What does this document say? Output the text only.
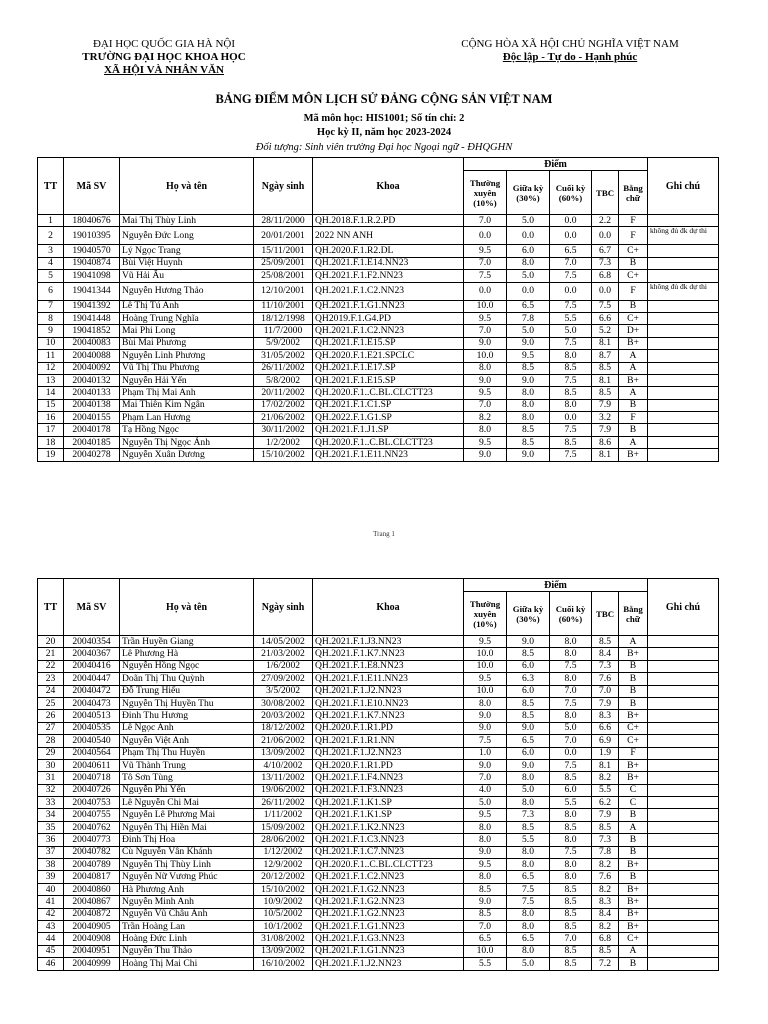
ĐẠI HỌC QUỐC GIA HÀ NỘI
TRƯỜNG ĐẠI HỌC KHOA HỌC
XÃ HỘI VÀ NHÂN VĂN
CỘNG HÒA XÃ HỘI CHỦ NGHĨA VIỆT NAM
Độc lập - Tự do - Hạnh phúc
BẢNG ĐIỂM MÔN LỊCH SỬ ĐẢNG CỘNG SẢN VIỆT NAM
Mã môn học: HIS1001; Số tín chỉ: 2
Học kỳ II, năm học 2023-2024
Đối tượng: Sinh viên trường Đại học Ngoại ngữ - ĐHQGHN
TT	Mã SV	Họ và tên	Ngày sinh	Khoa	Điểm					Ghi chú
					Thường xuyên (10%)	Giữa kỳ (30%)	Cuối kỳ (60%)	TBC	Bằng chữ	
1	18040676	Mai Thị Thùy Linh	28/11/2000	QH.2018.F.1.R.2.PD	7.0	5.0	0.0	2.2	F	
2	19010395	Nguyễn Đức Long	20/01/2001	2022 NN ANH	0.0	0.0	0.0	0.0	F	không đủ đk dự thi
3	19040570	Lý Ngọc Trang	15/11/2001	QH.2020.F.1.R2.DL	9.5	6.0	6.5	6.7	C+	
4	19040874	Bùi Việt Huynh	25/09/2001	QH.2021.F.1.E14.NN23	7.0	8.0	7.0	7.3	B	
5	19041098	Vũ Hải Âu	25/08/2001	QH.2021.F.1.F2.NN23	7.5	5.0	7.5	6.8	C+	
6	19041344	Nguyễn Hương Thảo	12/10/2001	QH.2021.F.1.C2.NN23	0.0	0.0	0.0	0.0	F	không đủ đk dự thi
7	19041392	Lê Thị Tú Anh	11/10/2001	QH.2021.F.1.G1.NN23	10.0	6.5	7.5	7.5	B	
8	19041448	Hoàng Trung Nghĩa	18/12/1998	QH2019.F.1.G4.PD	9.5	7.8	5.5	6.6	C+	
9	19041852	Mai Phi Long	11/7/2000	QH.2021.F.1.C2.NN23	7.0	5.0	5.0	5.2	D+	
10	20040083	Bùi Mai Phương	5/9/2002	QH.2021.F.1.E15.SP	9.0	9.0	7.5	8.1	B+	
11	20040088	Nguyễn Linh Phương	31/05/2002	QH.2020.F.1.E21.SPCLC	10.0	9.5	8.0	8.7	A	
12	20040092	Vũ Thị Thu Phương	26/11/2002	QH.2021.F.1.E17.SP	8.0	8.5	8.5	8.5	A	
13	20040132	Nguyễn Hải Yến	5/8/2002	QH.2021.F.1.E15.SP	9.0	9.0	7.5	8.1	B+	
14	20040133	Phạm Thị Mai Anh	20/11/2002	QH.2020.F.1..C.BL.CLCTT23	9.5	8.0	8.5	8.5	A	
15	20040138	Mai Thiên Kim Ngân	17/02/2002	QH.2021.F.1.C1.SP	7.0	8.0	8.0	7.9	B	
16	20040155	Phạm Lan Hương	21/06/2002	QH.2022.F.1.G1.SP	8.2	8.0	0.0	3.2	F	
17	20040178	Tạ Hồng Ngọc	30/11/2002	QH.2021.F.1.J1.SP	8.0	8.5	7.5	7.9	B	
18	20040185	Nguyễn Thị Ngọc Ánh	1/2/2002	QH.2020.F.1..C.BL.CLCTT23	9.5	8.5	8.5	8.6	A	
19	20040278	Nguyễn Xuân Dương	15/10/2002	QH.2021.F.1.E11.NN23	9.0	9.0	7.5	8.1	B+	
Trang 1
TT	Mã SV	Họ và tên	Ngày sinh	Khoa	Điểm					Ghi chú
					Thường xuyên (10%)	Giữa kỳ (30%)	Cuối kỳ (60%)	TBC	Bằng chữ	
20	20040354	Trần Huyền Giang	14/05/2002	QH.2021.F.1.J3.NN23	9.5	9.0	8.0	8.5	A	
21	20040367	Lê Phương Hà	21/03/2002	QH.2021.F.1.K7.NN23	10.0	8.5	8.0	8.4	B+	
22	20040416	Nguyễn Hồng Ngọc	1/6/2002	QH.2021.F.1.E8.NN23	10.0	6.0	7.5	7.3	B	
23	20040447	Doãn Thị Thu Quỳnh	27/09/2002	QH.2021.F.1.E11.NN23	9.5	6.3	8.0	7.6	B	
24	20040472	Đỗ Trung Hiếu	3/5/2002	QH.2021.F.1.J2.NN23	10.0	6.0	7.0	7.0	B	
25	20040473	Nguyễn Thị Huyền Thu	30/08/2002	QH.2021.F.1.E10.NN23	8.0	8.5	7.5	7.9	B	
26	20040513	Đinh Thu Hương	20/03/2002	QH.2021.F.1.K7.NN23	9.0	8.5	8.0	8.3	B+	
27	20040535	Lê Ngọc Anh	18/12/2002	QH.2020.F.1.R1.PD	9.0	9.0	5.0	6.6	C+	
28	20040540	Nguyễn Việt Anh	21/06/2002	QH.2021.F.1.R1.NN	7.5	6.5	7.0	6.9	C+	
29	20040564	Phạm Thị Thu Huyền	13/09/2002	QH.2021.F.1.J2.NN23	1.0	6.0	0.0	1.9	F	
30	20040611	Vũ Thành Trung	4/10/2002	QH.2020.F.1.R1.PD	9.0	9.0	7.5	8.1	B+	
31	20040718	Tô Sơn Tùng	13/11/2002	QH.2021.F.1.F4.NN23	7.0	8.0	8.5	8.2	B+	
32	20040726	Nguyễn Phi Yến	19/06/2002	QH.2021.F.1.F3.NN23	4.0	5.0	6.0	5.5	C	
33	20040753	Lê Nguyễn Chi Mai	26/11/2002	QH.2021.F.1.K1.SP	5.0	8.0	5.5	6.2	C	
34	20040755	Nguyễn Lê Phương Mai	1/11/2002	QH.2021.F.1.K1.SP	9.5	7.3	8.0	7.9	B	
35	20040762	Nguyễn Thị Hiền Mai	15/09/2002	QH.2021.F.1.K2.NN23	8.0	8.5	8.5	8.5	A	
36	20040773	Đinh Thị Hoa	28/06/2002	QH.2021.F.1.C3.NN23	8.0	5.5	8.0	7.3	B	
37	20040782	Cù Nguyễn Vân Khánh	1/12/2002	QH.2021.F.1.C7.NN23	9.0	8.0	7.5	7.8	B	
38	20040789	Nguyễn Thị Thùy Linh	12/9/2002	QH.2020.F.1..C.BL.CLCTT23	9.5	8.0	8.0	8.2	B+	
39	20040817	Nguyễn Nữ Vương Phúc	20/12/2002	QH.2021.F.1.C2.NN23	8.0	6.5	8.0	7.6	B	
40	20040860	Hà Phương Anh	15/10/2002	QH.2021.F.1.G2.NN23	8.5	7.5	8.5	8.2	B+	
41	20040867	Nguyễn Minh Anh	10/9/2002	QH.2021.F.1.G2.NN23	9.0	7.5	8.5	8.3	B+	
42	20040872	Nguyễn Vũ Châu Anh	10/5/2002	QH.2021.F.1.G2.NN23	8.5	8.0	8.5	8.4	B+	
43	20040905	Trần Hoàng Lan	10/1/2002	QH.2021.F.1.G1.NN23	7.0	8.0	8.5	8.2	B+	
44	20040908	Hoàng Đức Linh	31/08/2002	QH.2021.F.1.G3.NN23	6.5	6.5	7.0	6.8	C+	
45	20040951	Nguyễn Thu Thảo	13/09/2002	QH.2021.F.1.G1.NN23	10.0	8.0	8.5	8.5	A	
46	20040999	Hoàng Thị Mai Chi	16/10/2002	QH.2021.F.1.J2.NN23	5.5	5.0	8.5	7.2	B	
